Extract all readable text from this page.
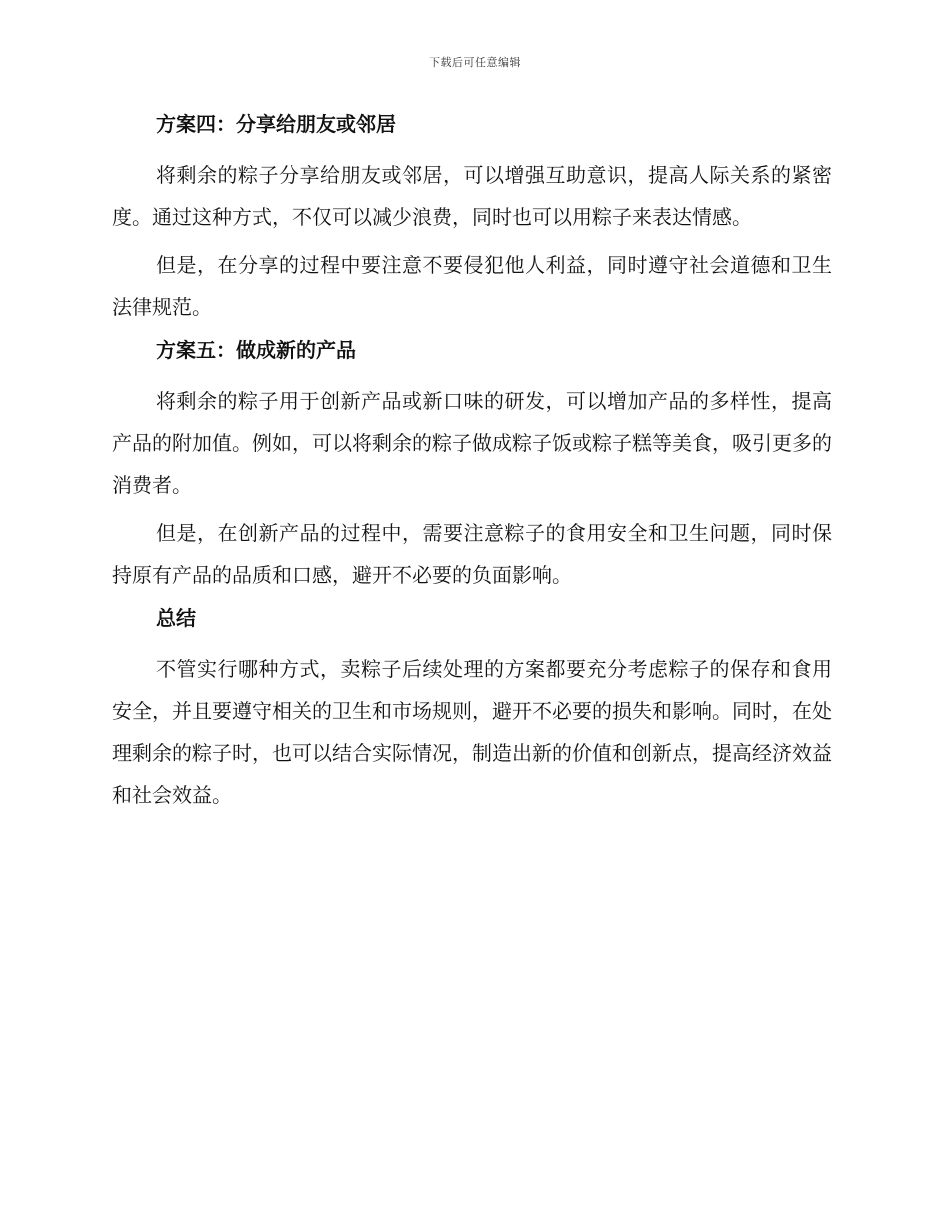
下载后可任意编辑
方案四：分享给朋友或邻居

将剩余的粽子分享给朋友或邻居，可以增强互助意识，提高人际关系的紧密度。通过这种方式，不仅可以减少浪费，同时也可以用粽子来表达情感。

但是，在分享的过程中要注意不要侵犯他人利益，同时遵守社会道德和卫生法律规范。

方案五：做成新的产品

将剩余的粽子用于创新产品或新口味的研发，可以增加产品的多样性，提高产品的附加值。例如，可以将剩余的粽子做成粽子饭或粽子糕等美食，吸引更多的消费者。

但是，在创新产品的过程中，需要注意粽子的食用安全和卫生问题，同时保持原有产品的品质和口感，避开不必要的负面影响。

总结

不管实行哪种方式，卖粽子后续处理的方案都要充分考虑粽子的保存和食用安全，并且要遵守相关的卫生和市场规则，避开不必要的损失和影响。同时，在处理剩余的粽子时，也可以结合实际情况，制造出新的价值和创新点，提高经济效益和社会效益。
